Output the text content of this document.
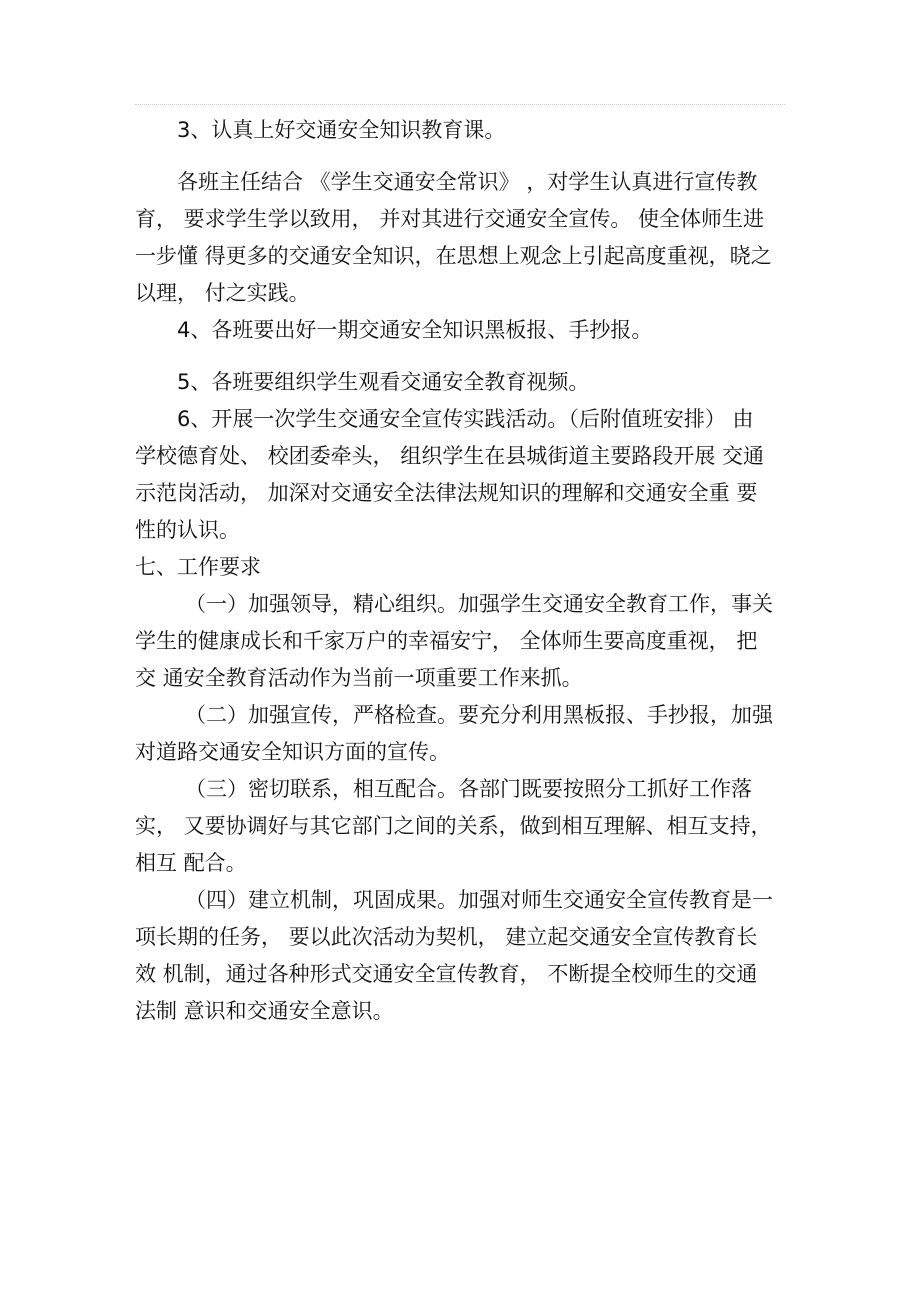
3、认真上好交通安全知识教育课。

各班主任结合 《学生交通安全常识》 ，对学生认真进行宣传教
育， 要求学生学以致用， 并对其进行交通安全宣传。 使全体师生进
一步懂 得更多的交通安全知识，在思想上观念上引起高度重视，晓之
以理， 付之实践。

4、各班要出好一期交通安全知识黑板报、手抄报。

5、各班要组织学生观看交通安全教育视频。

6、开展一次学生交通安全宣传实践活动。（后附值班安排） 由
学校德育处、 校团委牵头， 组织学生在县城街道主要路段开展 交通
示范岗活动， 加深对交通安全法律法规知识的理解和交通安全重 要
性的认识。

七、工作要求

（一）加强领导，精心组织。加强学生交通安全教育工作，事关
学生的健康成长和千家万户的幸福安宁， 全体师生要高度重视， 把
交 通安全教育活动作为当前一项重要工作来抓。

（二）加强宣传，严格检查。要充分利用黑板报、手抄报，加强
对道路交通安全知识方面的宣传。

（三）密切联系，相互配合。各部门既要按照分工抓好工作落
实， 又要协调好与其它部门之间的关系，做到相互理解、相互支持，
相互 配合。

（四）建立机制，巩固成果。加强对师生交通安全宣传教育是一
项长期的任务， 要以此次活动为契机， 建立起交通安全宣传教育长
效 机制，通过各种形式交通安全宣传教育， 不断提全校师生的交通
法制 意识和交通安全意识。
